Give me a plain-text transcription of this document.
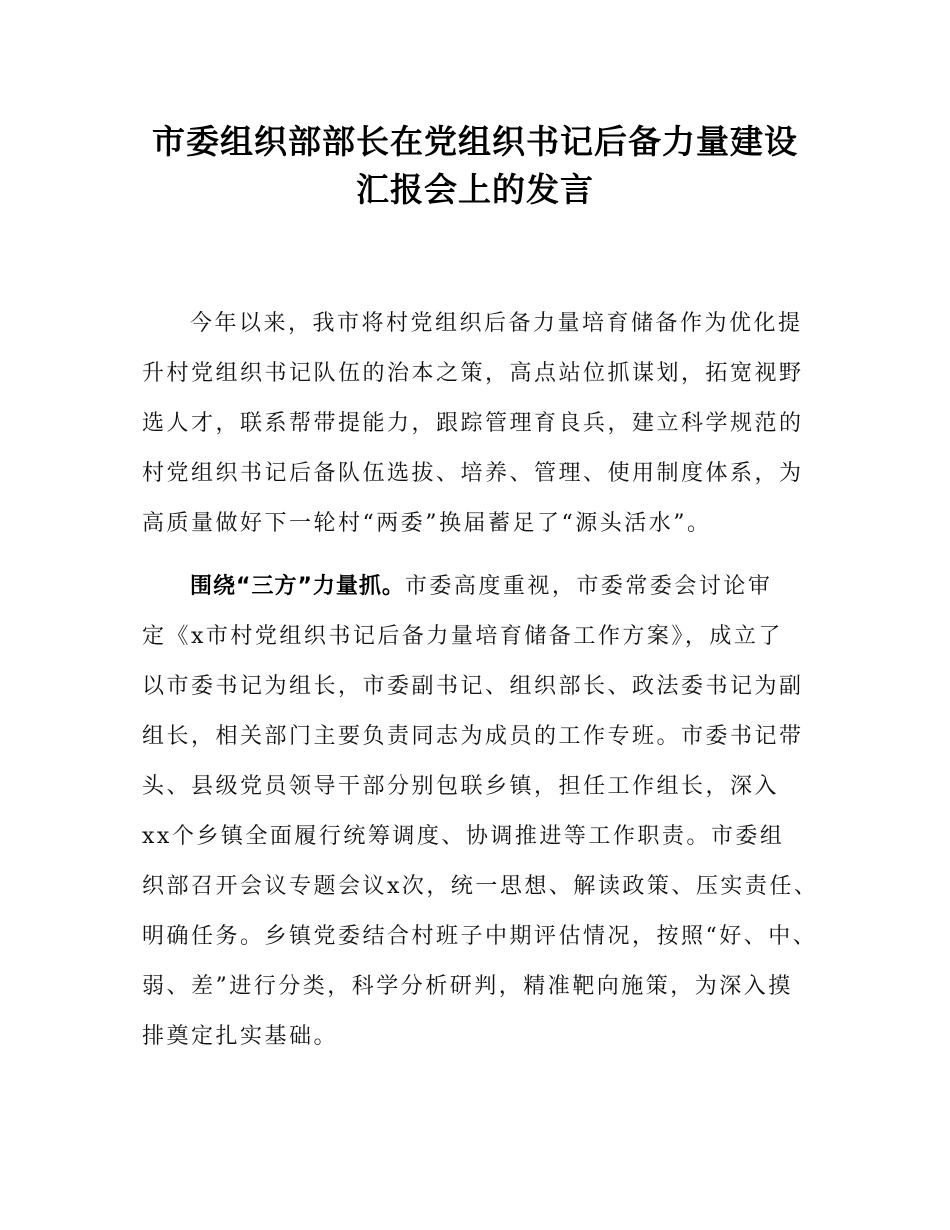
市委组织部部长在党组织书记后备力量建设
汇报会上的发言
今年以来，我市将村党组织后备力量培育储备作为优化提
升村党组织书记队伍的治本之策，高点站位抓谋划，拓宽视野
选人才，联系帮带提能力，跟踪管理育良兵，建立科学规范的
村党组织书记后备队伍选拔、培养、管理、使用制度体系，为
高质量做好下一轮村“两委”换届蓄足了“源头活水”。
围绕“三方”力量抓。市委高度重视，市委常委会讨论审
定《x市村党组织书记后备力量培育储备工作方案》，成立了
以市委书记为组长，市委副书记、组织部长、政法委书记为副
组长，相关部门主要负责同志为成员的工作专班。市委书记带
头、县级党员领导干部分别包联乡镇，担任工作组长，深入
xx个乡镇全面履行统筹调度、协调推进等工作职责。市委组
织部召开会议专题会议x次，统一思想、解读政策、压实责任、
明确任务。乡镇党委结合村班子中期评估情况，按照“好、中、
弱、差”进行分类，科学分析研判，精准靶向施策，为深入摸
排奠定扎实基础。
